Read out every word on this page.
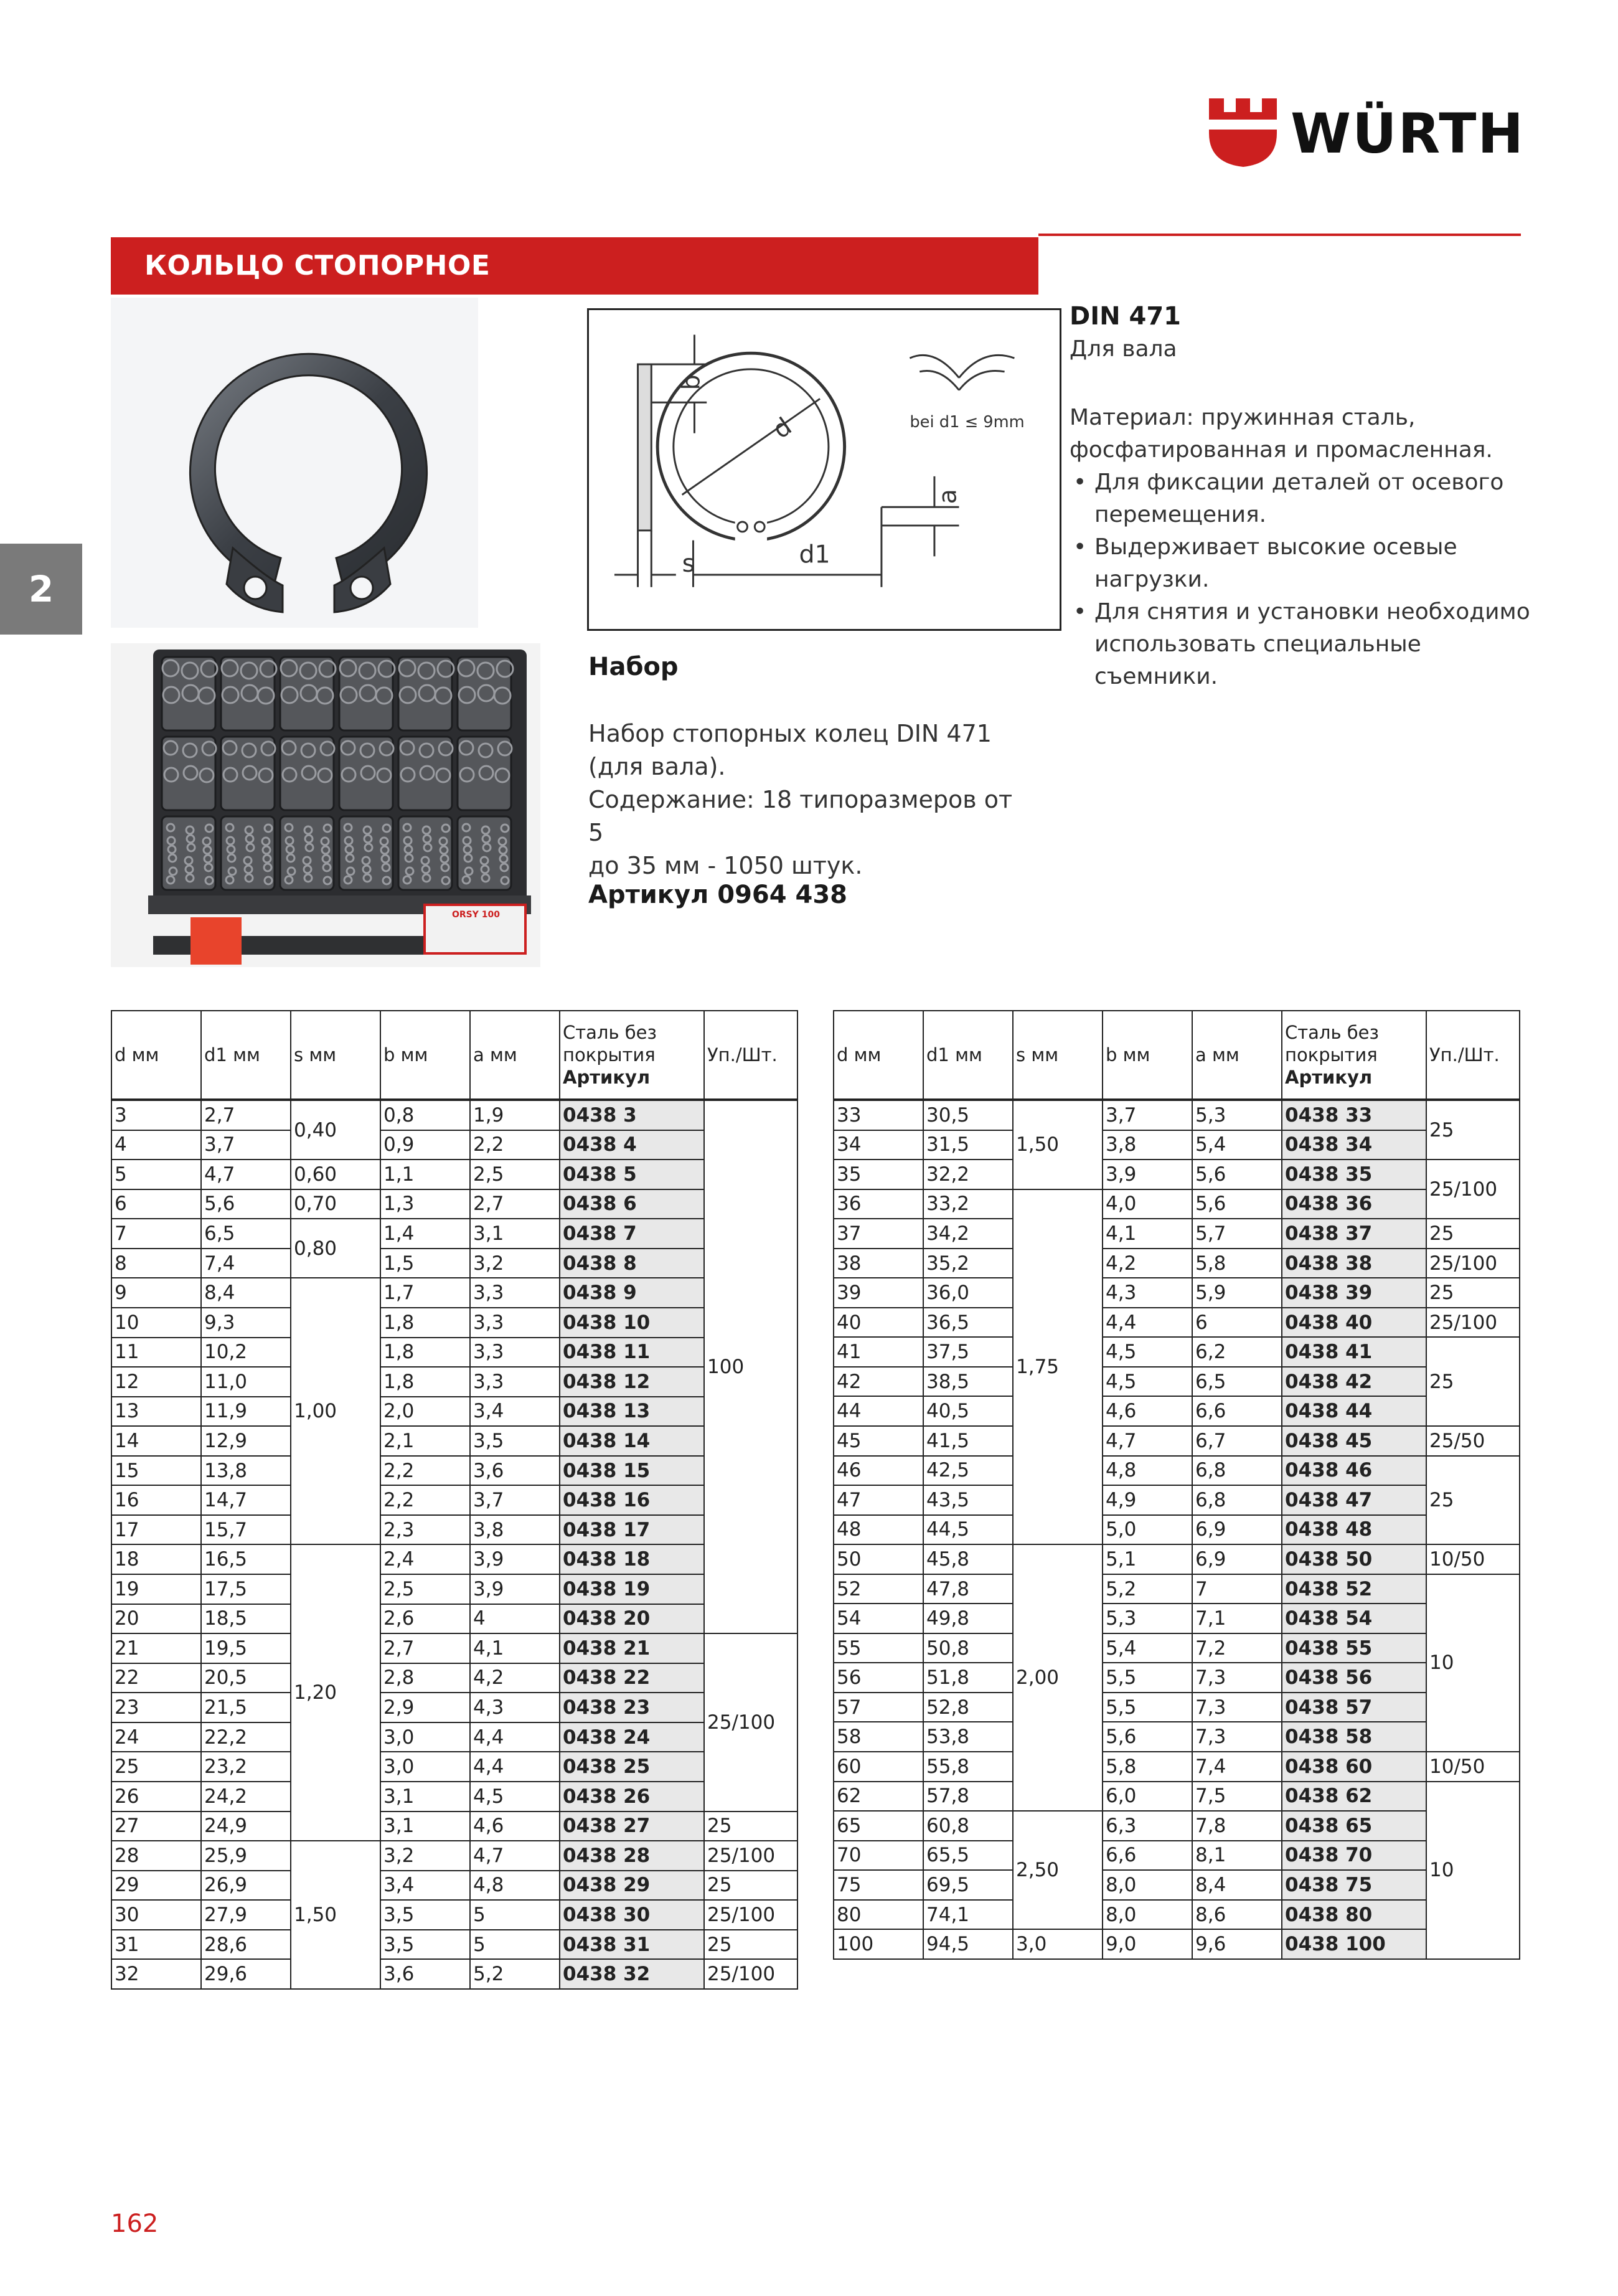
WÜRTH
КОЛЬЦО СТОПОРНОЕ
2
b
s
d
d1
a
bei d1 ≤ 9mm
ORSY 100
DIN 471
Для вала
Материал: пружинная сталь, фосфатированная и промасленная.
• Для фиксации деталей от осевого перемещения.
• Выдерживает высокие осевые нагрузки.
• Для снятия и установки необходимо использовать специальные съемники.
Набор
Набор стопорных колец DIN 471
(для вала).
Содержание: 18 типоразмеров от 5
до 35 мм - 1050 штук.
Артикул 0964 438
d мм	d1 мм	s мм	b мм	a мм	Сталь без
покрытия
Артикул	Уп./Шт.
3	2,7	0,40	0,8	1,9	0438 3	100
4	3,7		0,9	2,2	0438 4	
5	4,7	0,60	1,1	2,5	0438 5	
6	5,6	0,70	1,3	2,7	0438 6	
7	6,5	0,80	1,4	3,1	0438 7	
8	7,4		1,5	3,2	0438 8	
9	8,4	1,00	1,7	3,3	0438 9	
10	9,3		1,8	3,3	0438 10	
11	10,2		1,8	3,3	0438 11	
12	11,0		1,8	3,3	0438 12	
13	11,9		2,0	3,4	0438 13	
14	12,9		2,1	3,5	0438 14	
15	13,8		2,2	3,6	0438 15	
16	14,7		2,2	3,7	0438 16	
17	15,7		2,3	3,8	0438 17	
18	16,5	1,20	2,4	3,9	0438 18	
19	17,5		2,5	3,9	0438 19	
20	18,5		2,6	4	0438 20	
21	19,5		2,7	4,1	0438 21	25/100
22	20,5		2,8	4,2	0438 22	
23	21,5		2,9	4,3	0438 23	
24	22,2		3,0	4,4	0438 24	
25	23,2		3,0	4,4	0438 25	
26	24,2		3,1	4,5	0438 26	
27	24,9		3,1	4,6	0438 27	25
28	25,9	1,50	3,2	4,7	0438 28	25/100
29	26,9		3,4	4,8	0438 29	25
30	27,9		3,5	5	0438 30	25/100
31	28,6		3,5	5	0438 31	25
32	29,6		3,6	5,2	0438 32	25/100
d мм	d1 мм	s мм	b мм	a мм	Сталь без
покрытия
Артикул	Уп./Шт.
33	30,5	1,50	3,7	5,3	0438 33	25
34	31,5		3,8	5,4	0438 34	
35	32,2		3,9	5,6	0438 35	25/100
36	33,2	1,75	4,0	5,6	0438 36	
37	34,2		4,1	5,7	0438 37	25
38	35,2		4,2	5,8	0438 38	25/100
39	36,0		4,3	5,9	0438 39	25
40	36,5		4,4	6	0438 40	25/100
41	37,5		4,5	6,2	0438 41	25
42	38,5		4,5	6,5	0438 42	
44	40,5		4,6	6,6	0438 44	
45	41,5		4,7	6,7	0438 45	25/50
46	42,5		4,8	6,8	0438 46	25
47	43,5		4,9	6,8	0438 47	
48	44,5		5,0	6,9	0438 48	
50	45,8	2,00	5,1	6,9	0438 50	10/50
52	47,8		5,2	7	0438 52	10
54	49,8		5,3	7,1	0438 54	
55	50,8		5,4	7,2	0438 55	
56	51,8		5,5	7,3	0438 56	
57	52,8		5,5	7,3	0438 57	
58	53,8		5,6	7,3	0438 58	
60	55,8		5,8	7,4	0438 60	10/50
62	57,8		6,0	7,5	0438 62	10
65	60,8	2,50	6,3	7,8	0438 65	
70	65,5		6,6	8,1	0438 70	
75	69,5		8,0	8,4	0438 75	
80	74,1		8,0	8,6	0438 80	
100	94,5	3,0	9,0	9,6	0438 100	
162
